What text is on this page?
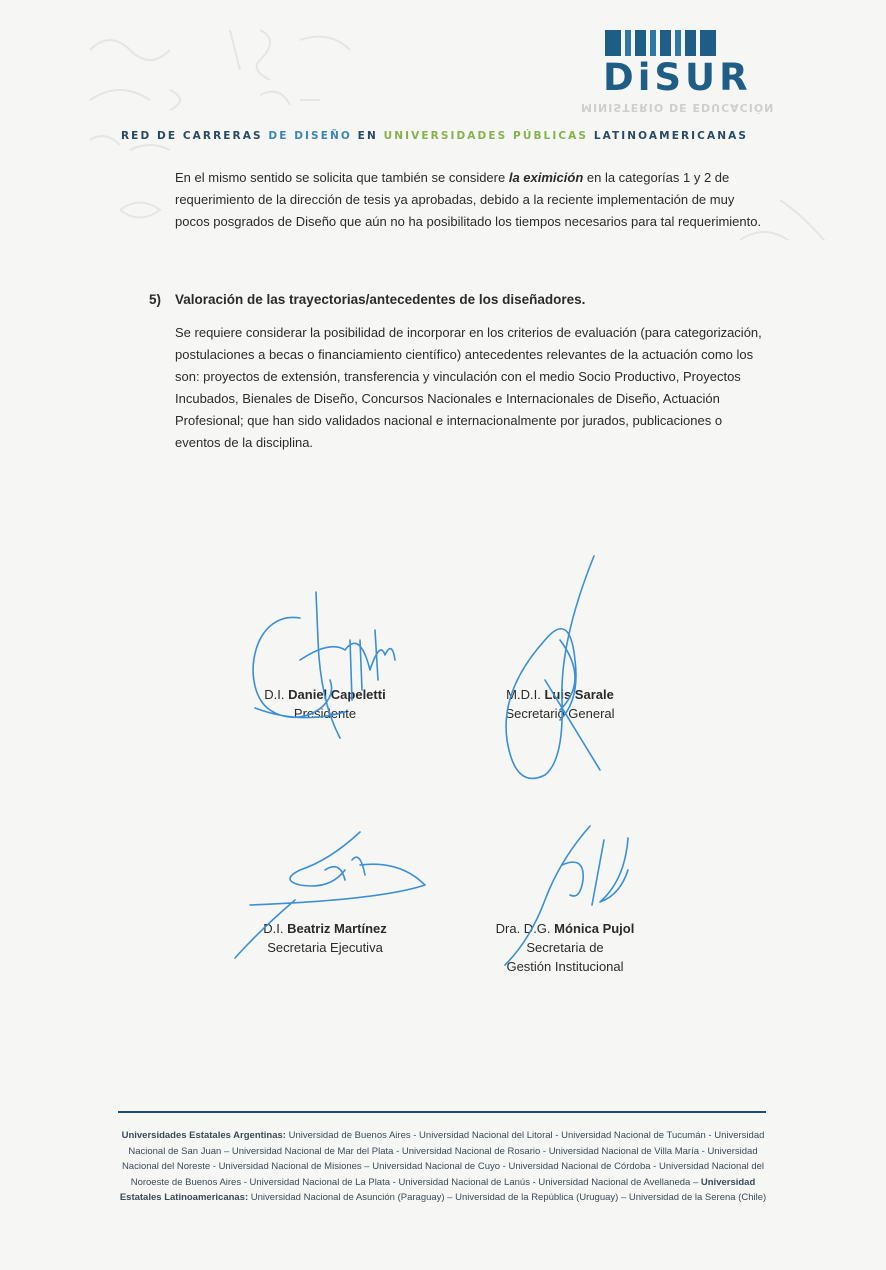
MINISTERIO DE EDUCACIÓN
DiSUR
RED DE CARRERAS DE DISEÑO EN UNIVERSIDADES PÚBLICAS LATINOAMERICANAS
En el mismo sentido se solicita que también se considere la eximición en la categorías 1 y 2 de requerimiento de la dirección de tesis ya aprobadas, debido a la reciente implementación de muy pocos posgrados de Diseño que aún no ha posibilitado los tiempos necesarios para tal requerimiento.
5) Valoración de las trayectorias/antecedentes de los diseñadores.
Se requiere considerar la posibilidad de incorporar en los criterios de evaluación (para categorización, postulaciones a becas o financiamiento científico) antecedentes relevantes de la actuación como los son: proyectos de extensión, transferencia y vinculación con el medio Socio Productivo, Proyectos Incubados, Bienales de Diseño, Concursos Nacionales e Internacionales de Diseño, Actuación Profesional; que han sido validados nacional e internacionalmente por jurados, publicaciones o eventos de la disciplina.
D.I. Daniel Capeletti
Presidente
M.D.I. Luis Sarale
Secretario General
D.I. Beatriz Martínez
Secretaria Ejecutiva
Dra. D.G. Mónica Pujol
Secretaria de
Gestión Institucional
Universidades Estatales Argentinas: Universidad de Buenos Aires - Universidad Nacional del Litoral - Universidad Nacional de Tucumán - Universidad Nacional de San Juan – Universidad Nacional de Mar del Plata - Universidad Nacional de Rosario - Universidad Nacional de Villa María - Universidad Nacional del Noreste - Universidad Nacional de Misiones – Universidad Nacional de Cuyo - Universidad Nacional de Córdoba - Universidad Nacional del Noroeste de Buenos Aires - Universidad Nacional de La Plata - Universidad Nacional de Lanús - Universidad Nacional de Avellaneda – Universidad Estatales Latinoamericanas: Universidad Nacional de Asunción (Paraguay) – Universidad de la República (Uruguay) – Universidad de la Serena (Chile)
